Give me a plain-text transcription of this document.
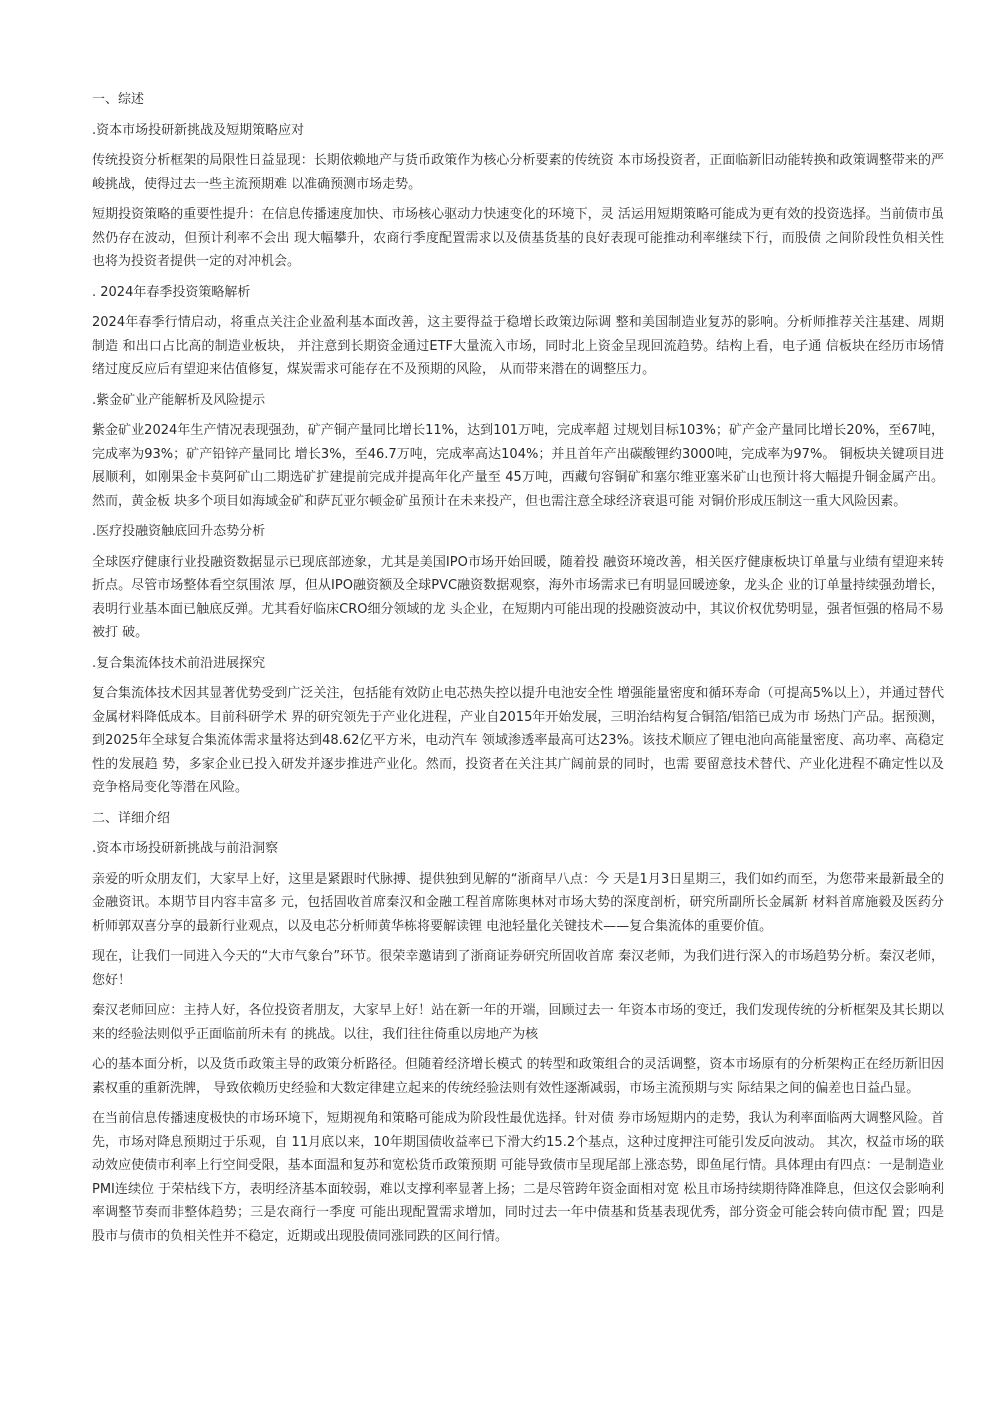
一、综述
.资本市场投研新挑战及短期策略应对

传统投资分析框架的局限性日益显现：长期依赖地产与货币政策作为核心分析要素的传统资 本市场投资者，正面临新旧动能转换和政策调整带来的严峻挑战，使得过去一些主流预期难 以准确预测市场走势。

短期投资策略的重要性提升：在信息传播速度加快、市场核心驱动力快速变化的环境下，灵 活运用短期策略可能成为更有效的投资选择。当前债市虽然仍存在波动，但预计利率不会出 现大幅攀升，农商行季度配置需求以及债基货基的良好表现可能推动利率继续下行，而股债 之间阶段性负相关性也将为投资者提供一定的对冲机会。

. 2024年春季投资策略解析

2024年春季行情启动，将重点关注企业盈利基本面改善，这主要得益于稳增长政策边际调 整和美国制造业复苏的影响。分析师推荐关注基建、周期制造 和出口占比高的制造业板块， 并注意到长期资金通过ETF大量流入市场，同时北上资金呈现回流趋势。结构上看，电子通 信板块在经历市场情绪过度反应后有望迎来估值修复，煤炭需求可能存在不及预期的风险， 从而带来潜在的调整压力。

.紫金矿业产能解析及风险提示

紫金矿业2024年生产情况表现强劲，矿产铜产量同比增长11%，达到101万吨，完成率超 过规划目标103%；矿产金产量同比增长20%，至67吨，完成率为93%；矿产铅锌产量同比 增长3%，至46.7万吨，完成率高达104%；并且首年产出碳酸锂约3000吨，完成率为97%。 铜板块关键项目进展顺利，如刚果金卡莫阿矿山二期选矿扩建提前完成并提高年化产量至 45万吨，西藏句容铜矿和塞尔维亚塞米矿山也预计将大幅提升铜金属产出。然而，黄金板 块多个项目如海域金矿和萨瓦亚尔顿金矿虽预计在未来投产，但也需注意全球经济衰退可能 对铜价形成压制这一重大风险因素。

.医疗投融资触底回升态势分析

全球医疗健康行业投融资数据显示已现底部迹象，尤其是美国IPO市场开始回暖，随着投 融资环境改善，相关医疗健康板块订单量与业绩有望迎来转折点。尽管市场整体看空氛围浓 厚，但从IPO融资额及全球PVC融资数据观察，海外市场需求已有明显回暖迹象，龙头企 业的订单量持续强劲增长，表明行业基本面已触底反弹。尤其看好临床CRO细分领域的龙 头企业，在短期内可能出现的投融资波动中，其议价权优势明显，强者恒强的格局不易被打 破。

.复合集流体技术前沿进展探究

复合集流体技术因其显著优势受到广泛关注，包括能有效防止电芯热失控以提升电池安全性 增强能量密度和循环寿命（可提高5%以上），并通过替代金属材料降低成本。目前科研学术 界的研究领先于产业化进程，产业自2015年开始发展，三明治结构复合铜箔/铝箔已成为市 场热门产品。据预测，到2025年全球复合集流体需求量将达到48.62亿平方米，电动汽车 领域渗透率最高可达23%。该技术顺应了锂电池向高能量密度、高功率、高稳定性的发展趋 势，多家企业已投入研发并逐步推进产业化。然而，投资者在关注其广阔前景的同时，也需 要留意技术替代、产业化进程不确定性以及竞争格局变化等潜在风险。

二、详细介绍
.资本市场投研新挑战与前沿洞察

亲爱的听众朋友们，大家早上好，这里是紧跟时代脉搏、提供独到见解的“浙商早八点：今 天是1月3日星期三，我们如约而至，为您带来最新最全的金融资讯。本期节目内容丰富多 元，包括固收首席秦汉和金融工程首席陈奥林对市场大势的深度剖析，研究所副所长金属新 材料首席施毅及医药分析师郭双喜分享的最新行业观点，以及电芯分析师黄华栋将要解读锂 电池轻量化关键技术——复合集流体的重要价值。

现在，让我们一同进入今天的“大市气象台”环节。很荣幸邀请到了浙商证券研究所固收首席 秦汉老师，为我们进行深入的市场趋势分析。秦汉老师，您好！

秦汉老师回应：主持人好，各位投资者朋友，大家早上好！站在新一年的开端，回顾过去一 年资本市场的变迁，我们发现传统的分析框架及其长期以来的经验法则似乎正面临前所未有 的挑战。以往，我们往往倚重以房地产为核

心的基本面分析，以及货币政策主导的政策分析路径。但随着经济增长模式 的转型和政策组合的灵活调整，资本市场原有的分析架构正在经历新旧因素权重的重新洗牌， 导致依赖历史经验和大数定律建立起来的传统经验法则有效性逐渐减弱，市场主流预期与实 际结果之间的偏差也日益凸显。

在当前信息传播速度极快的市场环境下，短期视角和策略可能成为阶段性最优选择。针对债 券市场短期内的走势，我认为利率面临两大调整风险。首先，市场对降息预期过于乐观，自 11月底以来，10年期国债收益率已下滑大约15.2个基点，这种过度押注可能引发反向波动。 其次，权益市场的联动效应使债市利率上行空间受限，基本面温和复苏和宽松货币政策预期 可能导致债市呈现尾部上涨态势，即鱼尾行情。具体理由有四点：一是制造业PMI连续位 于荣枯线下方，表明经济基本面较弱，难以支撑利率显著上扬；二是尽管跨年资金面相对宽 松且市场持续期待降准降息，但这仅会影响利率调整节奏而非整体趋势；三是农商行一季度 可能出现配置需求增加，同时过去一年中债基和货基表现优秀，部分资金可能会转向债市配 置；四是股市与债市的负相关性并不稳定，近期或出现股债同涨同跌的区间行情。
